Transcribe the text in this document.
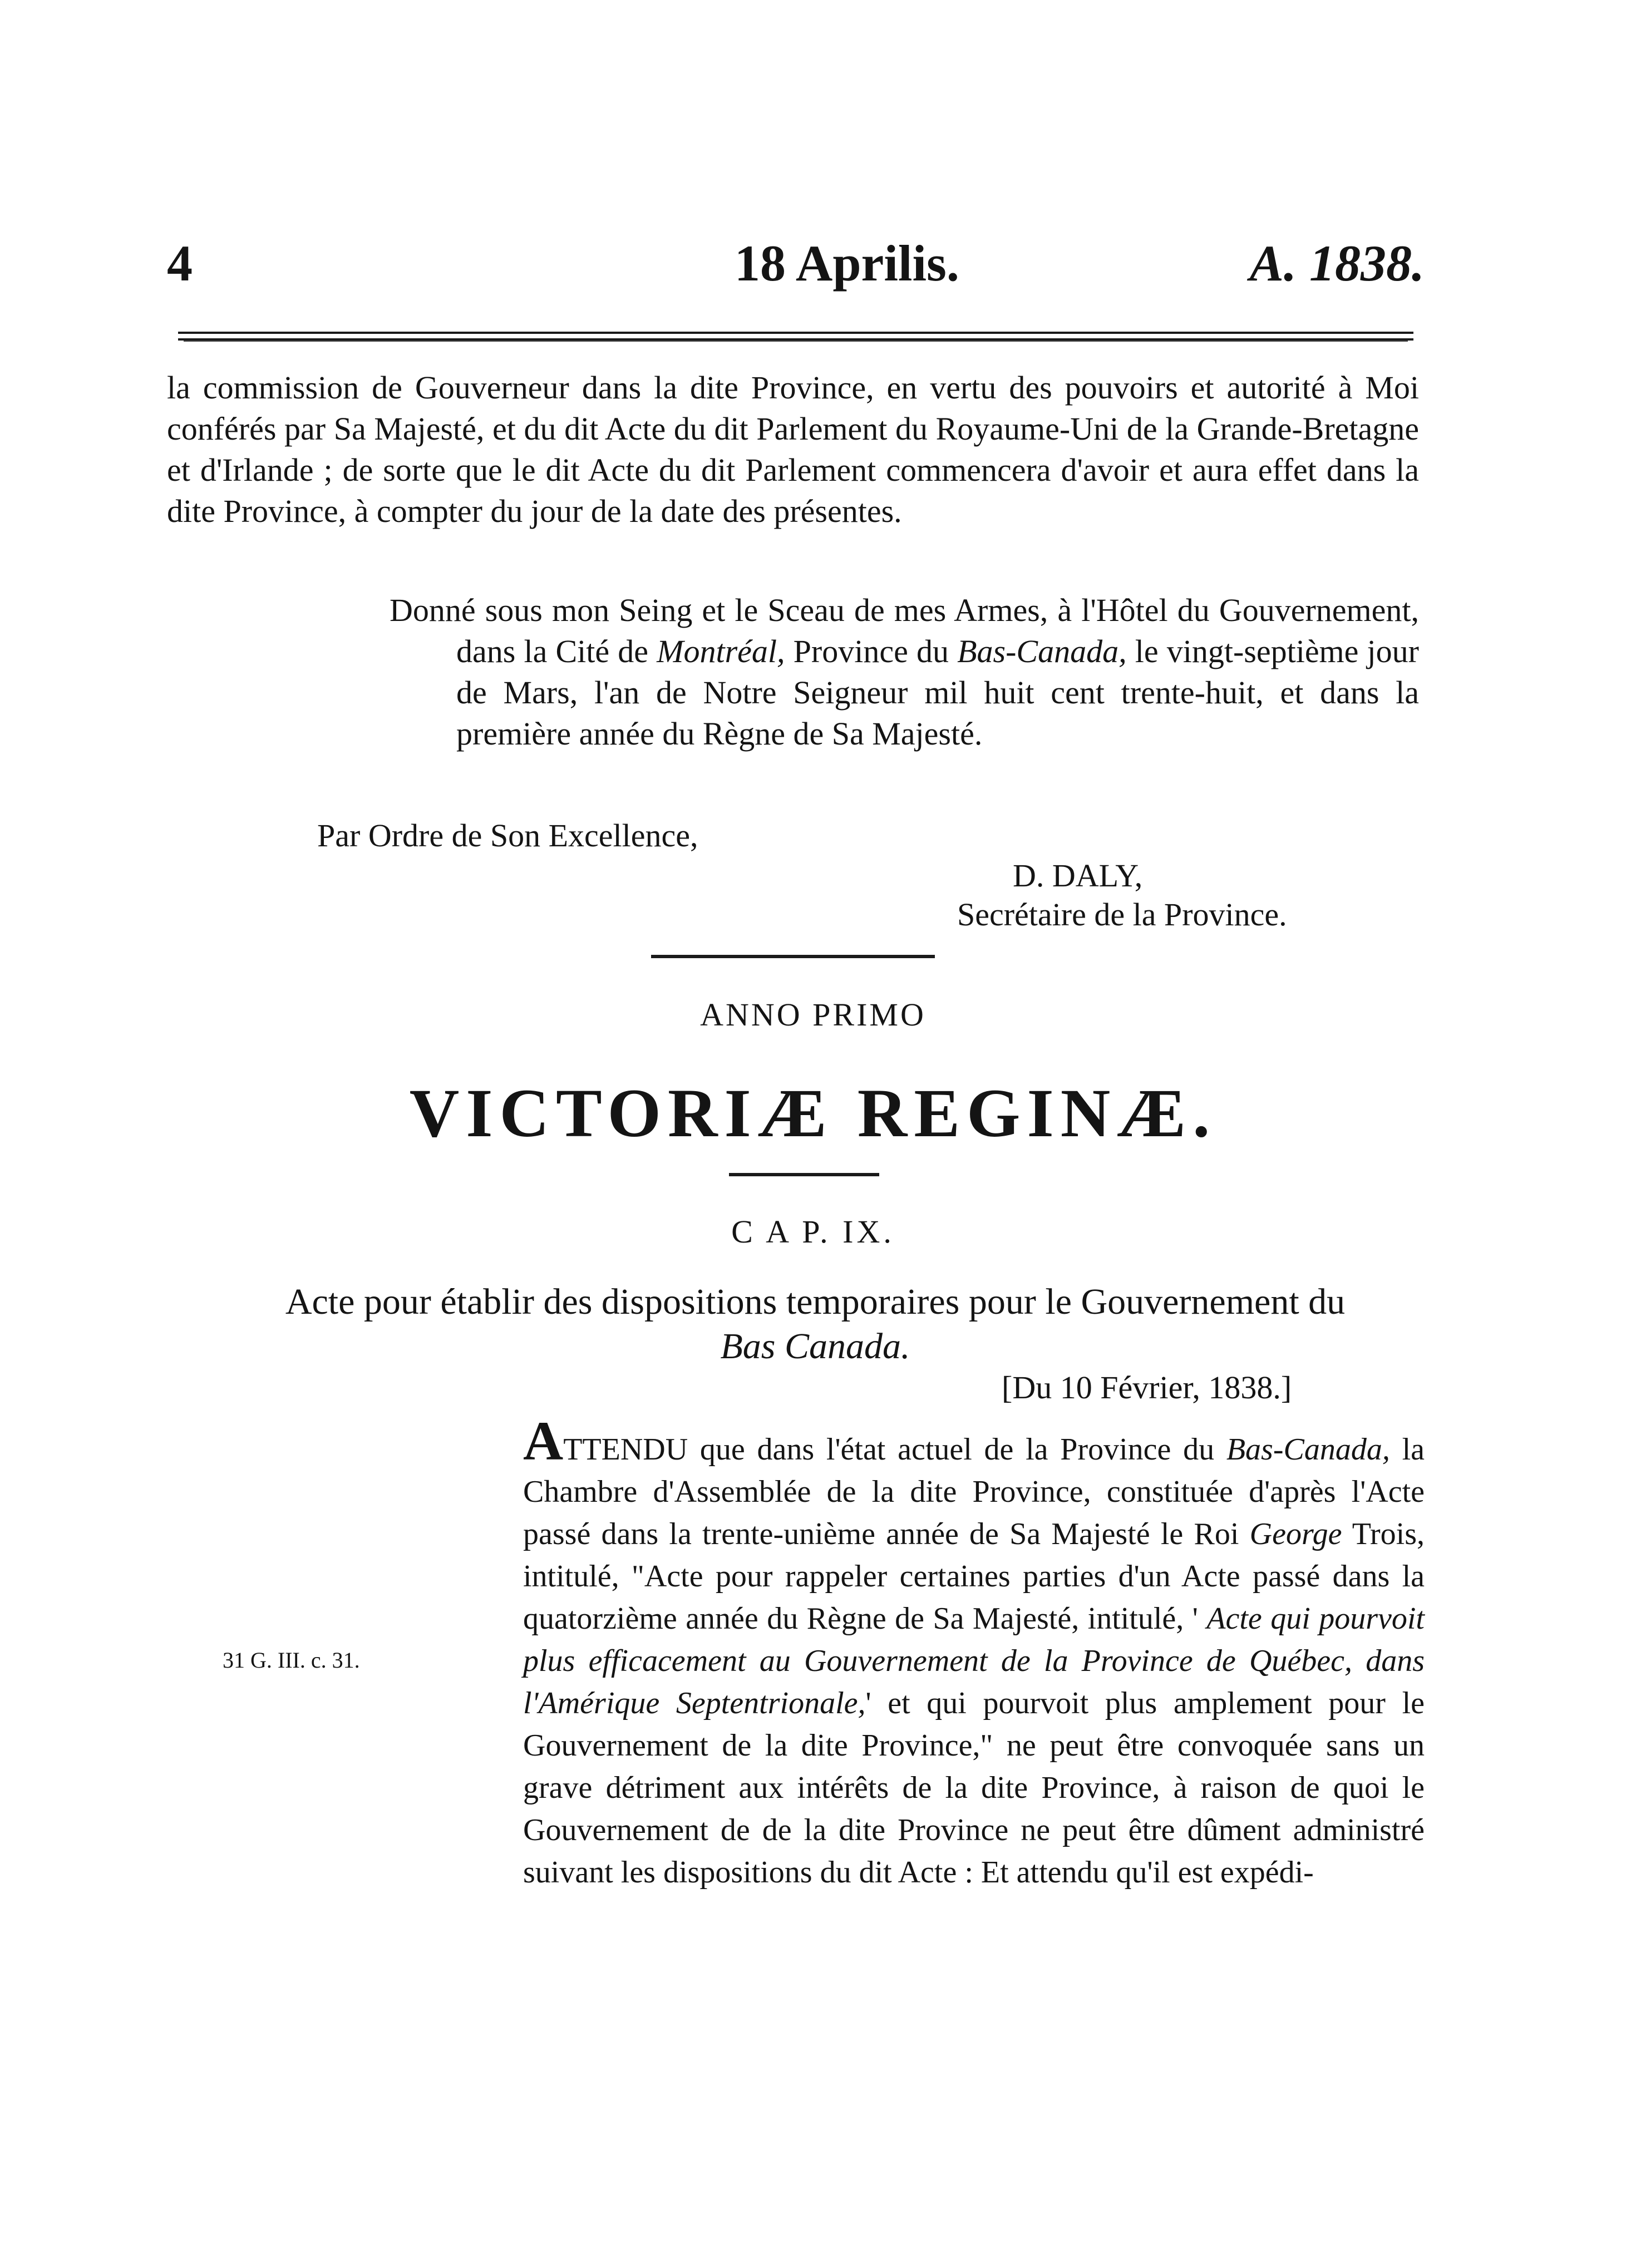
4	18 Aprilis.	A. 1838.
la commission de Gouverneur dans la dite Province, en vertu des pouvoirs et autorité à Moi conférés par Sa Majesté, et du dit Acte du dit Parlement du Royaume-Uni de la Grande-Bretagne et d'Irlande ; de sorte que le dit Acte du dit Parlement commencera d'avoir et aura effet dans la dite Province, à compter du jour de la date des présentes.
Donné sous mon Seing et le Sceau de mes Armes, à l'Hôtel du Gouvernement, dans la Cité de Montréal, Province du Bas-Canada, le vingt-septième jour de Mars, l'an de Notre Seigneur mil huit cent trente-huit, et dans la première année du Règne de Sa Majesté.
Par Ordre de Son Excellence,
D. DALY,
Secrétaire de la Province.
ANNO PRIMO
VICTORIÆ REGINÆ.
C A P. IX.
Acte pour établir des dispositions temporaires pour le Gouvernement du
Bas Canada.
[Du 10 Février, 1838.]
31 G. III. c. 31.
ATTENDU que dans l'état actuel de la Province du Bas-Canada, la Chambre d'Assemblée de la dite Province, constituée d'après l'Acte passé dans la trente-unième année de Sa Majesté le Roi George Trois, intitulé, "Acte pour rappeler certaines parties d'un Acte passé dans la quatorzième année du Règne de Sa Majesté, intitulé, ' Acte qui pourvoit plus efficacement au Gouvernement de la Province de Québec, dans l'Amérique Septentrionale,' et qui pourvoit plus amplement pour le Gouvernement de la dite Province," ne peut être convoquée sans un grave détriment aux intérêts de la dite Province, à raison de quoi le Gouvernement de de la dite Province ne peut être dûment administré suivant les dispositions du dit Acte : Et attendu qu'il est expédi-
